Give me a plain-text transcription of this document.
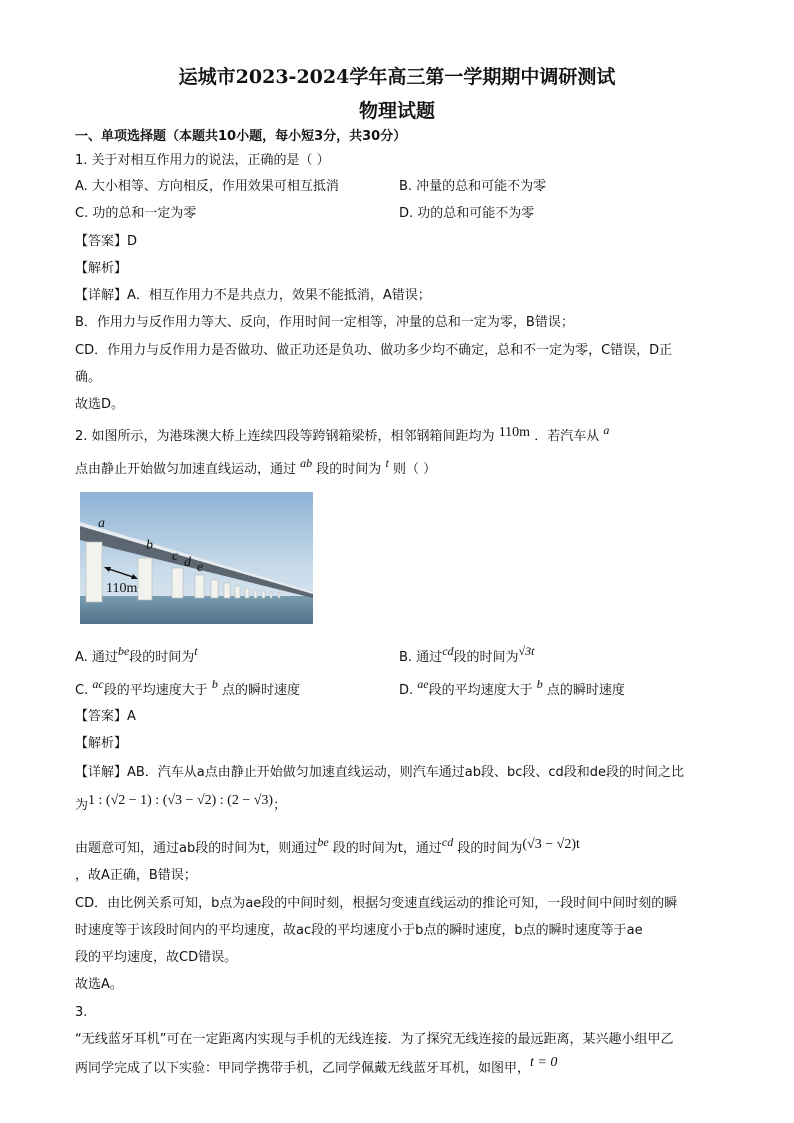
运城市2023-2024学年高三第一学期期中调研测试
物理试题
一、单项选择题（本题共10小题，每小短3分，共30分）
1. 关于对相互作用力的说法，正确的是（ ）
A. 大小相等、方向相反，作用效果可相互抵消	B. 冲量的总和可能不为零
C. 功的总和一定为零	D. 功的总和可能不为零
【答案】D
【解析】
【详解】A．相互作用力不是共点力，效果不能抵消，A错误；
B．作用力与反作用力等大、反向，作用时间一定相等，冲量的总和一定为零，B错误；
CD．作用力与反作用力是否做功、做正功还是负功、做功多少均不确定，总和不一定为零，C错误，D正
确。
故选D。
2. 如图所示，为港珠澳大桥上连续四段等跨钢箱梁桥，相邻钢箱间距均为 110m ．若汽车从 a
点由静止开始做匀加速直线运动，通过 ab 段的时间为 t 则（ ）
a
b
c d e
110m
A. 通过be段的时间为t	B. 通过cd段的时间为√3t
C. ac段的平均速度大于 b 点的瞬时速度	D. ae段的平均速度大于 b 点的瞬时速度
【答案】A
【解析】
【详解】AB．汽车从a点由静止开始做匀加速直线运动，则汽车通过ab段、bc段、cd段和de段的时间之比
为1 : (√2 − 1) : (√3 − √2) : (2 − √3)；
由题意可知，通过ab段的时间为t，则通过be 段的时间为t，通过cd 段的时间为(√3 − √2)t
，故A正确，B错误；
CD．由比例关系可知，b点为ae段的中间时刻，根据匀变速直线运动的推论可知，一段时间中间时刻的瞬
时速度等于该段时间内的平均速度，故ac段的平均速度小于b点的瞬时速度，b点的瞬时速度等于ae
段的平均速度，故CD错误。
故选A。
3.
“无线蓝牙耳机”可在一定距离内实现与手机的无线连接．为了探究无线连接的最远距离，某兴趣小组甲乙
两同学完成了以下实验：甲同学携带手机，乙同学佩戴无线蓝牙耳机，如图甲，t = 0
